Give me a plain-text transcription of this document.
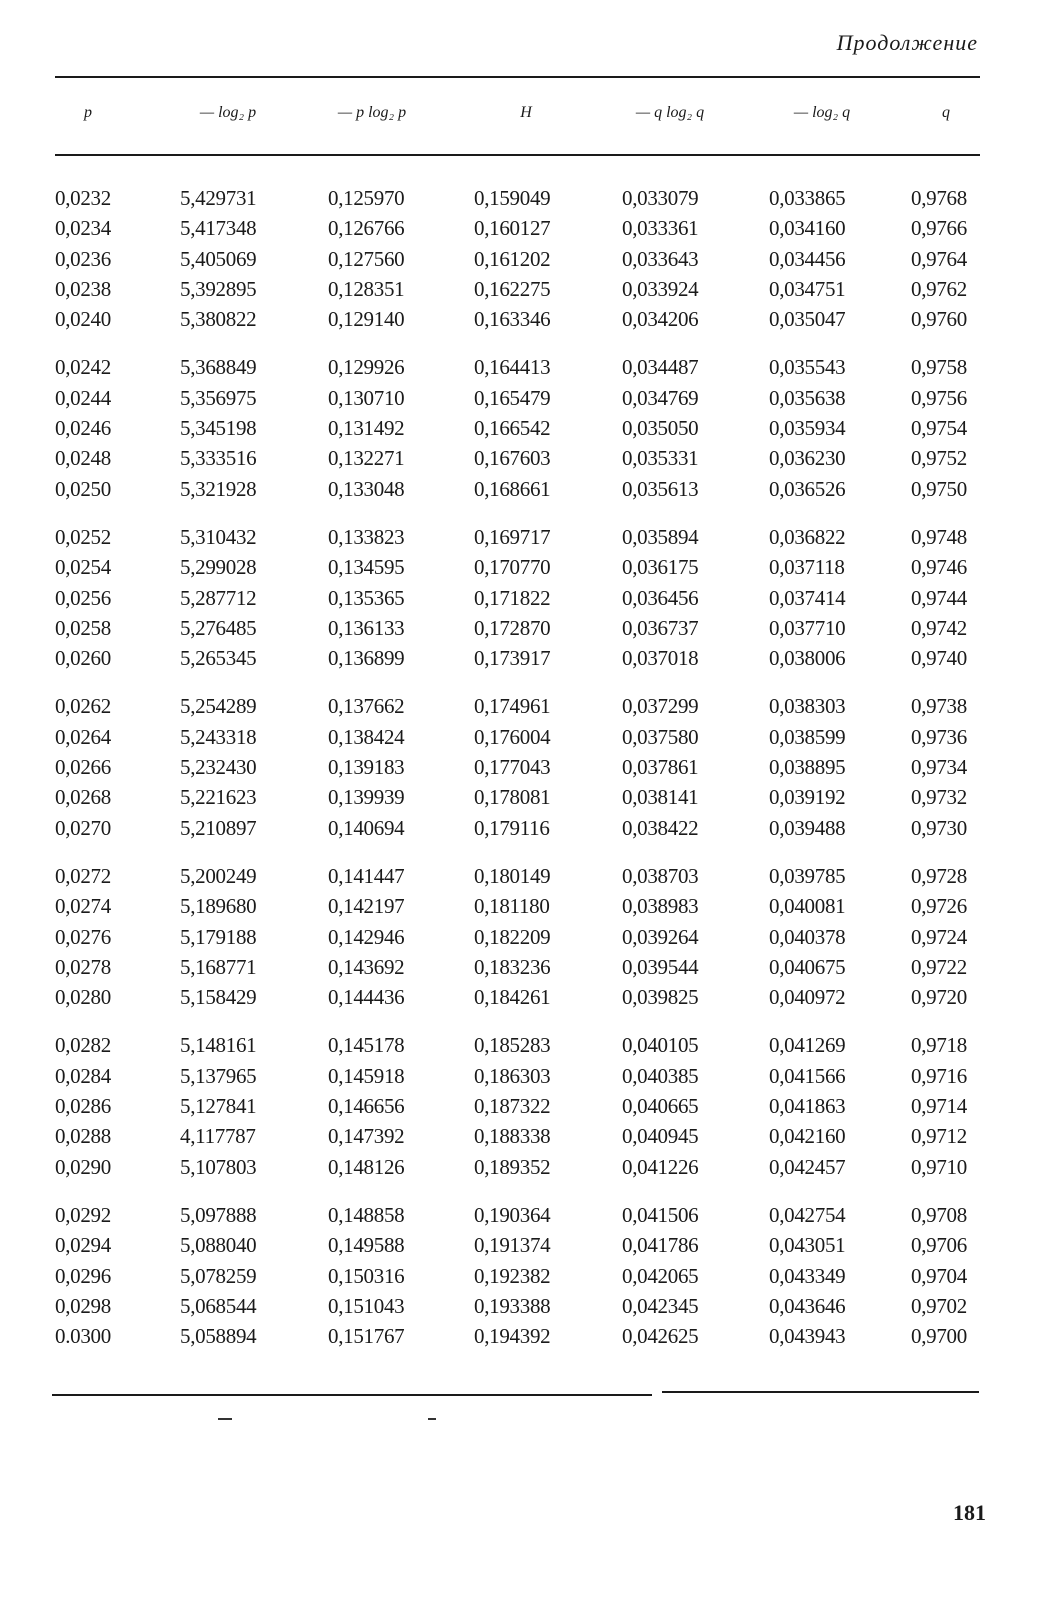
Продолжение
p	— log₂ p	— p log₂ p	H	— q log₂ q	— log₂ q	q
0,0232	5,429731	0,125970	0,159049	0,033079	0,033865	0,9768
0,0234	5,417348	0,126766	0,160127	0,033361	0,034160	0,9766
0,0236	5,405069	0,127560	0,161202	0,033643	0,034456	0,9764
0,0238	5,392895	0,128351	0,162275	0,033924	0,034751	0,9762
0,0240	5,380822	0,129140	0,163346	0,034206	0,035047	0,9760
0,0242	5,368849	0,129926	0,164413	0,034487	0,035543	0,9758
0,0244	5,356975	0,130710	0,165479	0,034769	0,035638	0,9756
0,0246	5,345198	0,131492	0,166542	0,035050	0,035934	0,9754
0,0248	5,333516	0,132271	0,167603	0,035331	0,036230	0,9752
0,0250	5,321928	0,133048	0,168661	0,035613	0,036526	0,9750
0,0252	5,310432	0,133823	0,169717	0,035894	0,036822	0,9748
0,0254	5,299028	0,134595	0,170770	0,036175	0,037118	0,9746
0,0256	5,287712	0,135365	0,171822	0,036456	0,037414	0,9744
0,0258	5,276485	0,136133	0,172870	0,036737	0,037710	0,9742
0,0260	5,265345	0,136899	0,173917	0,037018	0,038006	0,9740
0,0262	5,254289	0,137662	0,174961	0,037299	0,038303	0,9738
0,0264	5,243318	0,138424	0,176004	0,037580	0,038599	0,9736
0,0266	5,232430	0,139183	0,177043	0,037861	0,038895	0,9734
0,0268	5,221623	0,139939	0,178081	0,038141	0,039192	0,9732
0,0270	5,210897	0,140694	0,179116	0,038422	0,039488	0,9730
0,0272	5,200249	0,141447	0,180149	0,038703	0,039785	0,9728
0,0274	5,189680	0,142197	0,181180	0,038983	0,040081	0,9726
0,0276	5,179188	0,142946	0,182209	0,039264	0,040378	0,9724
0,0278	5,168771	0,143692	0,183236	0,039544	0,040675	0,9722
0,0280	5,158429	0,144436	0,184261	0,039825	0,040972	0,9720
0,0282	5,148161	0,145178	0,185283	0,040105	0,041269	0,9718
0,0284	5,137965	0,145918	0,186303	0,040385	0,041566	0,9716
0,0286	5,127841	0,146656	0,187322	0,040665	0,041863	0,9714
0,0288	4,117787	0,147392	0,188338	0,040945	0,042160	0,9712
0,0290	5,107803	0,148126	0,189352	0,041226	0,042457	0,9710
0,0292	5,097888	0,148858	0,190364	0,041506	0,042754	0,9708
0,0294	5,088040	0,149588	0,191374	0,041786	0,043051	0,9706
0,0296	5,078259	0,150316	0,192382	0,042065	0,043349	0,9704
0,0298	5,068544	0,151043	0,193388	0,042345	0,043646	0,9702
0.0300	5,058894	0,151767	0,194392	0,042625	0,043943	0,9700
181
